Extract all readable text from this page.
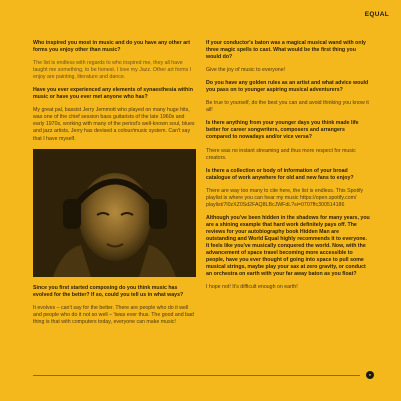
EQUAL

Who inspired you most in music and do you have any other art forms you enjoy other than music?

The list is endless with regards to who inspired me, they all have taught me something, to be honest. I love my Jazz. Other art forms I enjoy are painting, literature and dance.

Have you ever experienced any elements of synaesthesia within music or have you ever met anyone who has?

My great pal, bassist Jerry Jemmott who played on many huge hits, was one of the chief session bass guitarists of the late 1960s and early 1970s, working with many of the period's well-known soul, blues and jazz artists, Jerry has devised a colour/music system. Can't say that I have myself.

Since you first started composing do you think music has evolved for the better? If so, could you tell us in what ways?

It evolves – can't say for the better. There are people who do it well and people who do it not so well – 'twas ever thus. The good and bad thing is that with computers today, everyone can make music!

If your conductor's baton was a magical musical wand with only three magic spells to cast. What would be the first thing you would do?

Give the joy of music to everyone!

Do you have any golden rules as an artist and what advice would you pass on to younger aspiring musical adventurers?

Be true to yourself, do the best you can and avoid thinking you know it all!

Is there anything from your younger days you think made life better for career songwriters, composers and arrangers compared to nowadays and/or vice versa?

There was no instant streaming and thus more respect for music creators.

Is there a collection or body of information of your broad catalogue of work anywhere for old and new fans to enjoy?

There are way too many to cite here, the list is endless. This Spotify playlist is where you can hear my music https://open.spotify.com/ playlist/7l0zXZ0Sd2FAQ8LBcJWFdL?si=0707ffc300514186

Although you've been hidden in the shadows for many years, you are a shining example that hard work definitely pays off. The reviews for your autobiography book Hidden Man are outstanding and World Equal highly recommends it to everyone. It feels like you've musically conquered the world. Now, with the advancement of space travel becoming more accessible to people, have you ever thought of going into space to pull some musical strings, maybe play your sax at zero gravity, or conduct an orchestra on earth with your far away baton as you float?

I hope not! It's difficult enough on earth!

●
